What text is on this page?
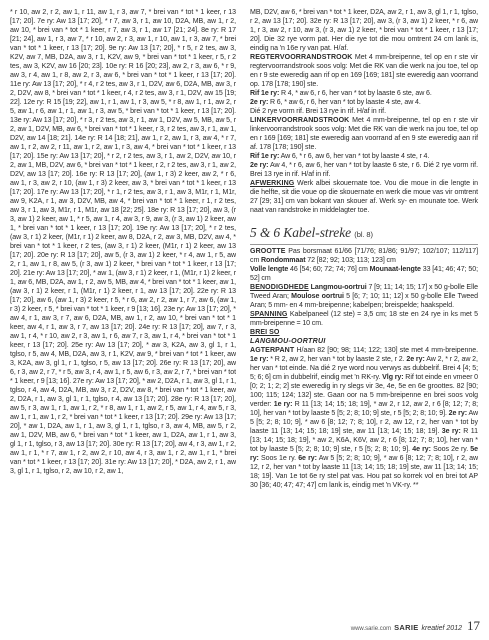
* r 10, aw 2, r 2, aw 1, r 11, aw 1, r 3, aw 7, * brei van * tot * 1 keer, r 13 [17; 20]. 7e ry: Aw 13 [17; 20], * r 7, aw 3, r 1, aw 10, D2A, MB, aw 1, r 2, aw 10, * brei van * tot * 1 keer, r 7, aw 3, r 1, aw 17 [21; 24]. 8e ry: R 17 [21; 24], aw 1, r 3, aw 7, * r 10, aw 2, r 3, aw 1, r 10, aw 1, r 3, aw 7, * brei van * tot * 1 keer, r 13 [17; 20]. 9e ry: Aw 13 [17; 20], * r 5, r 2 tes, aw 3, K2V, aw 7, MB, D2A, aw 3, r 1, K2V, aw 9, * brei van * tot * 1 keer, r 5, r 2 tes, aw 3, K2V, aw 16 [20; 23]. 10e ry: R 16 [20; 23], aw 2, r 3, aw 6, * r 9, aw 3, r 4, aw 1, r 8, aw 2, r 3, aw 6, * brei van * tot * 1 keer, r 13 [17; 20]. 11e ry: Aw 13 [17; 20], * r 4, r 2 tes, aw 3, r 1, D2V, aw 6, D2A, MB, aw 3, r 2, D2V, aw 8, * brei van * tot * 1 keer, r 4, r 2 tes, aw 3, r 1, D2V, aw 15 [19; 22]. 12e ry: R 15 [19; 22], aw 1, r 1, aw 1, r 3, aw 5, * r 8, aw 1, r 1, aw 2, r 5, aw 1, r 6, aw 1, r 1, aw 1, r 3, aw 5, * brei van * tot * 1 keer, r 13 [17; 20]. 13e ry: Aw 13 [17; 20], * r 3, r 2 tes, aw 3, r 1, aw 1, D2V, aw 5, MB, aw 5, r 2, aw 1, D2V, MB, aw 6, * brei van * tot * 1 keer, r 3, r 2 tes, aw 3, r 1, aw 1, D2V, aw 14 [18; 21]. 14e ry: R 14 [18; 21], aw 1, r 2, aw 1, r 3, aw 4, * r 7, aw 1, r 2, aw 2, r 11, aw 1, r 2, aw 1, r 3, aw 4, * brei van * tot * 1 keer, r 13 [17; 20]. 15e ry: Aw 13 [17; 20], * r 2, r 2 tes, aw 3, r 1, aw 2, D2V, aw 10, r 2, aw 1, MB, D2V, aw 6, * brei van * tot * 1 keer, r 2, r 2 tes, aw 3, r 1, aw 2, D2V, aw 13 [17; 20]. 16e ry: R 13 [17; 20], (aw 1, r 3) 2 keer, aw 2, * r 6, aw 1, r 3, aw 2, r 10, (aw 1, r 3) 2 keer, aw 3, * brei van * tot * 1 keer, r 13 [17; 20]. 17e ry: Aw 13 [17; 20], * r 1, r 2 tes, aw 3, r 1, aw 3, M1r, r 1, M1r, aw 9, K2A, r 1, aw 3, D2V, MB, aw 4, * brei van * tot * 1 keer, r 1, r 2 tes, aw 3, r 1, aw 3, M1r, r 1, M1r, aw 18 [22; 25]. 18e ry: R 13 [17; 20], aw 3, (r 3, aw 1) 2 keer, aw 1, * r 5, aw 1, r 4, aw 3, r 9, aw 3, (r 3, aw 1) 2 keer, aw 1, * brei van * tot * 1 keer, r 13 [17; 20]. 19e ry: Aw 13 [17; 20], * r 2 tes, (aw 3, r 1) 2 keer, (M1r, r 1) 2 keer, aw 8, D2A, r 2, aw 3, MB, D2V, aw 4, * brei van * tot * 1 keer, r 2 tes, (aw 3, r 1) 2 keer, (M1r, r 1) 2 keer, aw 13 [17; 20]. 20e ry: R 13 [17; 20], aw 5, (r 3, aw 1) 2 keer, * r 4, aw 1, r 5, aw 2, r 1, aw 1, r 8, aw 5, (r 3, aw 1) 2 keer, * brei van * tot * 1 keer, r 13 [17; 20]. 21e ry: Aw 13 [17; 20], * aw 1, (aw 3, r 1) 2 keer, r 1, (M1r, r 1) 2 keer, r 1, aw 6, MB, D2A, aw 1, r 2, aw 5, MB, aw 4, * brei van * tot * 1 keer, aw 1, (aw 3, r 1) 2 keer, r 1, (M1r, r 1) 2 keer, r 1, aw 13 [17; 20]. 22e ry: R 13 [17; 20], aw 6, (aw 1, r 3) 2 keer, r 5, * r 6, aw 2, r 2, aw 1, r 7, aw 6, (aw 1, r 3) 2 keer, r 5, * brei van * tot * 1 keer, r 9 [13; 16]. 23e ry: Aw 13 [17; 20], * aw 4, r 1, aw 3, r 7, aw 6, D2A, MB, aw 1, r 2, aw 10, * brei van * tot * 1 keer, aw 4, r 1, aw 3, r 7, aw 13 [17; 20]. 24e ry: R 13 [17; 20], aw 7, r 3, aw 1, r 4, * r 10, aw 2, r 3, aw 1, r 6, aw 7, r 3, aw 1, r 4, * brei van * tot * 1 keer, r 13 [17; 20]. 25e ry: Aw 13 [17; 20], * aw 3, K2A, aw 3, gl 1, r 1, tglso, r 5, aw 4, MB, D2A, aw 3, r 1, K2V, aw 9, * brei van * tot * 1 keer, aw 3, K2A, aw 3, gl 1, r 1, tglso, r 5, aw 13 [17; 20]. 26e ry: R 13 [17; 20], aw 6, r 3, aw 2, r 7, * r 5, aw 3, r 4, aw 1, r 5, aw 6, r 3, aw 2, r 7, * brei van * tot * 1 keer, r 9 [13; 16]. 27e ry: Aw 13 [17; 20], * aw 2, D2A, r 1, aw 3, gl 1, r 1, tglso, r 4, aw 4, D2A, MB, aw 3, r 2, D2V, aw 8, * brei van * tot * 1 keer, aw 2, D2A, r 1, aw 3, gl 1, r 1, tglso, r 4, aw 13 [17; 20]. 28e ry: R 13 [17; 20], aw 5, r 3, aw 1, r 1, aw 1, r 2, * r 8, aw 1, r 1, aw 2, r 5, aw 1, r 4, aw 5, r 3, aw 1, r 1, aw 1, r 2, * brei van * tot * 1 keer, r 13 [17; 20]. 29e ry: Aw 13 [17; 20], * aw 1, D2A, aw 1, r 1, aw 3, gl 1, r 1, tglso, r 3, aw 4, MB, aw 5, r 2, aw 1, D2V, MB, aw 6, * brei van * tot * 1 keer, aw 1, D2A, aw 1, r 1, aw 3, gl 1, r 1, tglso, r 3, aw 13 [17; 20]. 30e ry: R 13 [17; 20], aw 4, r 3, aw 1, r 2, aw 1, r 1, * r 7, aw 1, r 2, aw 2, r 10, aw 4, r 3, aw 1, r 2, aw 1, r 1, * brei van * tot * 1 keer, r 13 [17; 20]. 31e ry: Aw 13 [17; 20], * D2A, aw 2, r 1, aw 3, gl 1, r 1, tglso, r 2, aw 10, r 2, aw 1,

MB, D2V, aw 6, * brei van * tot * 1 keer, D2A, aw 2, r 1, aw 3, gl 1, r 1, tglso, r 2, aw 13 [17; 20]. 32e ry: R 13 [17; 20], aw 3, (r 3, aw 1) 2 keer, * r 6, aw 1, r 3, aw 2, r 10, aw 3, (r 3, aw 1) 2 keer, * brei van * tot * 1 keer, r 13 [17; 20]. Die 32 rye vorm pat. Her die rye tot die mou omtrent 24 cm lank is, eindig na 'n 16e ry van pat. H/af.

REGTERVOORRANDSTROOK Met 4 mm-breipenne, tel op en r ste vir regtervoorrandstrook soos volg: Met die RK van die werk na jou toe, tel op en r 9 ste eweredig aan rif op en 169 [169; 181] ste eweredig aan voorrand op. 178 [178; 190] ste.

Rif 1e ry: R 4, * aw 6, r 6, her van * tot by laaste 6 ste, aw 6.

2e ry: R 6, * aw 6, r 6, her van * tot by laaste 4 ste, aw 4.

Dié 2 rye vorm rif. Brei 13 rye in rif. H/af in rif.

LINKERVOORRANDSTROOK Met 4 mm-breipenne, tel op en r ste vir linkervoorrandstrook soos volg: Met die RK van die werk na jou toe, tel op en r 169 [169; 181] ste eweredig aan voorrand af en 9 ste eweredig aan rif af. 178 [178; 190] ste.

Rif 1e ry: Aw 6, * r 6, aw 6, her van * tot by laaste 4 ste, r 4.

2e ry: Aw 4, * r 6, aw 6, her van * tot by laaste 6 ste, r 6. Dié 2 rye vorm rif. Brei 13 rye in rif. H/af in rif.

AFWERKING Werk albei skouernate toe. Vou die moue in die lengte in die helfte, sit die voue op die skouernate en werk die moue vas vir omtrent 27 [29; 31] cm van bokant van skouer af. Werk sy- en mounate toe. Werk naat van randstroke in middelagter toe.

5 & 6 Kabel-streke (bl. 8)

GROOTTE Pas borsmaat 61/66 [71/76; 81/86; 91/97; 102/107; 112/117] cm Rondommaat 72 [82; 92; 103; 113; 123] cm

Volle lengte 46 [54; 60; 72; 74; 76] cm Mounaat-lengte 33 [41; 46; 47; 50; 52] cm

BENODIGDHEDE Langmou-oortrui 7 [9; 11; 14; 15; 17] x 50 g-bolle Elle Tweed Aran; Moulose oortrui 5 [6; 7; 10; 11; 12] x 50 g-bolle Elle Tweed Aran; 5 mm- en 4 mm-breipenne; kabelpen; breispelde; haakspeld.

SPANNING Kabelpaneel (12 ste) = 3,5 cm; 18 ste en 24 rye in ks met 5 mm-breipenne = 10 cm.

BREI SO

LANGMOU-OORTRUI

AGTERPANT H/aan 82 [90; 98; 114; 122; 130] ste met 4 mm-breipenne. 1e ry: * R 2, aw 2, her van * tot by laaste 2 ste, r 2. 2e ry: Aw 2, * r 2, aw 2, her van * tot einde. Na dié 2 rye word nou verwys as dubbelrif. Brei 4 [4; 5; 5; 6; 6] cm in dubbelrif, eindig met 'n RK-ry. Vlg ry: Rif tot einde en vmeer 0 [0; 2; 1; 2; 2] ste eweredig in ry slegs vir 3e, 4e, 5e en 6e groottes. 82 [90; 100; 115; 124; 132] ste. Gaan oor na 5 mm-breipenne en brei soos volg verder: 1e ry: R 11 [13; 14; 15; 18; 19], * aw 2, r 12, aw 2, r 6 [8; 12; 7; 8; 10], her van * tot by laaste 5 [5; 2; 8; 10; 9] ste, r 5 [5; 2; 8; 10; 9]. 2e ry: Aw 5 [5; 2; 8; 10; 9], * aw 6 [8; 12; 7; 8; 10], r 2, aw 12, r 2, her van * tot by laaste 11 [13; 14; 15; 18; 19] ste, aw 11 [13; 14; 15; 18; 19]. 3e ry: R 11 [13; 14; 15; 18; 19], * aw 2, K6A, K6V, aw 2, r 6 [8; 12; 7; 8; 10], her van * tot by laaste 5 [5; 2; 8; 10; 9] ste, r 5 [5; 2; 8; 10; 9]. 4e ry: Soos 2e ry. 5e ry: Soos 1e ry. 6e ry: Aw 5 [5; 2; 8; 10; 9], * aw 6 [8; 12; 7; 8; 10], r 2, aw 12, r 2, her van * tot by laaste 11 [13; 14; 15; 18; 19] ste, aw 11 [13; 14; 15; 18; 19]. Van 1e tot 6e ry stel pat vas. Hou pat so korrek vol en brei tot AP 30 [36; 40; 47; 47; 47] cm lank is, eindig met 'n VK-ry. **

www.sarie.com SARIE kreatief 2012 17
